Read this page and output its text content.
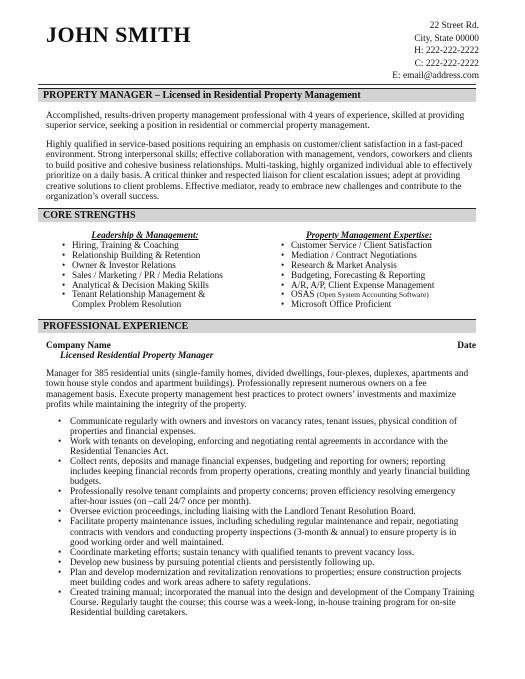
JOHN SMITH	22 Street Rd.
City, State 00000
H: 222-222-2222
C: 222-222-2222
E: email@address.com
PROPERTY MANAGER – Licensed in Residential Property Management

Accomplished, results-driven property management professional with 4 years of experience, skilled at providing superior service, seeking a position in residential or commercial property management.

Highly qualified in service-based positions requiring an emphasis on customer/client satisfaction in a fast-paced environment. Strong interpersonal skills; effective collaboration with management, vendors, coworkers and clients to build positive and cohesive business relationships. Multi-tasking, highly organized individual able to effectively prioritize on a daily basis. A critical thinker and respected liaison for client escalation issues; adept at providing creative solutions to client problems. Effective mediator, ready to embrace new challenges and contribute to the organization’s overall success.

CORE STRENGTHS
Leadership & Management:
• Hiring, Training & Coaching
• Relationship Building & Retention
• Owner & Investor Relations
• Sales / Marketing / PR / Media Relations
• Analytical & Decision Making Skills
• Tenant Relationship Management & Complex Problem Resolution
Property Management Expertise:
• Customer Service / Client Satisfaction
• Mediation / Contract Negotiations
• Research & Market Analysis
• Budgeting, Forecasting & Reporting
• A/R, A/P, Client Expense Management
• OSAS (Open System Accounting Software)
• Microsoft Office Proficient
PROFESSIONAL EXPERIENCE
Company Name	Date
Licensed Residential Property Manager

Manager for 385 residential units (single-family homes, divided dwellings, four-plexes, duplexes, apartments and town house style condos and apartment buildings). Professionally represent numerous owners on a fee management basis. Execute property management best practices to protect owners’ investments and maximize profits while maintaining the integrity of the property.

• Communicate regularly with owners and investors on vacancy rates, tenant issues, physical condition of properties and financial expenses.
• Work with tenants on developing, enforcing and negotiating rental agreements in accordance with the Residential Tenancies Act.
• Collect rents, deposits and manage financial expenses, budgeting and reporting for owners; reporting includes keeping financial records from property operations, creating monthly and yearly financial building budgets.
• Professionally resolve tenant complaints and property concerns; proven efficiency resolving emergency after-hour issues (on –call 24/7 once per month).
• Oversee eviction proceedings, including liaising with the Landlord Tenant Resolution Board.
• Facilitate property maintenance issues, including scheduling regular maintenance and repair, negotiating contracts with vendors and conducting property inspections (3-month & annual) to ensure property is in good working order and well maintained.
• Coordinate marketing efforts; sustain tenancy with qualified tenants to prevent vacancy loss.
• Develop new business by pursuing potential clients and persistently following up.
• Plan and develop modernization and revitalization renovations to properties; ensure construction projects meet building codes and work areas adhere to safety regulations.
• Created training manual; incorporated the manual into the design and development of the Company Training Course. Regularly taught the course; this course was a week-long, in-house training program for on-site Residential building caretakers.
